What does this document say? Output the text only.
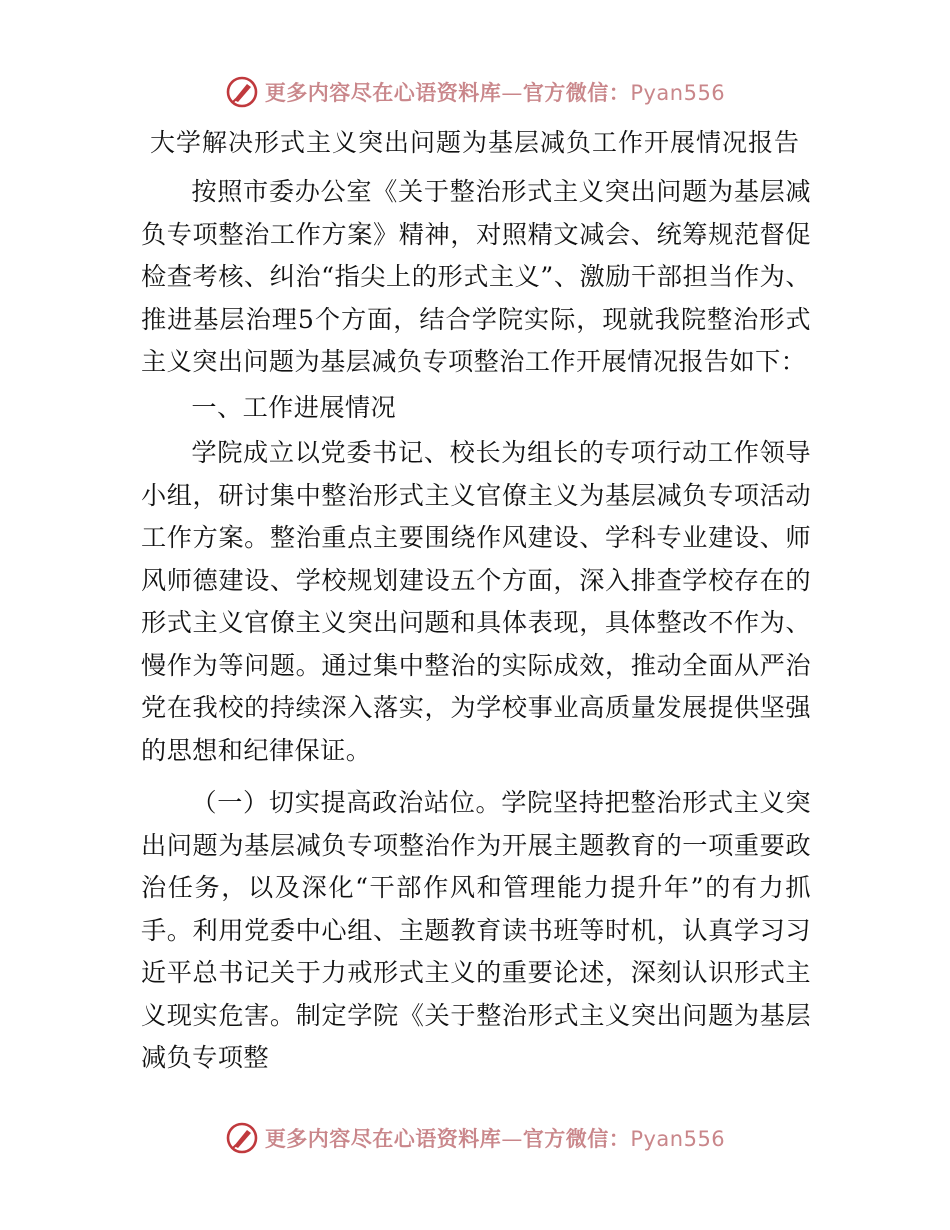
更多内容尽在心语资料库—官方微信：Pyan556
大学解决形式主义突出问题为基层减负工作开展情况报告

按照市委办公室《关于整治形式主义突出问题为基层减负专项整治工作方案》精神，对照精文减会、统筹规范督促检查考核、纠治“指尖上的形式主义”、激励干部担当作为、推进基层治理5个方面，结合学院实际，现就我院整治形式主义突出问题为基层减负专项整治工作开展情况报告如下：

一、工作进展情况

学院成立以党委书记、校长为组长的专项行动工作领导小组，研讨集中整治形式主义官僚主义为基层减负专项活动工作方案。整治重点主要围绕作风建设、学科专业建设、师风师德建设、学校规划建设五个方面，深入排查学校存在的形式主义官僚主义突出问题和具体表现，具体整改不作为、慢作为等问题。通过集中整治的实际成效，推动全面从严治党在我校的持续深入落实，为学校事业高质量发展提供坚强的思想和纪律保证。

（一）切实提高政治站位。学院坚持把整治形式主义突出问题为基层减负专项整治作为开展主题教育的一项重要政治任务，以及深化“干部作风和管理能力提升年”的有力抓手。利用党委中心组、主题教育读书班等时机，认真学习习近平总书记关于力戒形式主义的重要论述，深刻认识形式主义现实危害。制定学院《关于整治形式主义突出问题为基层减负专项整

更多内容尽在心语资料库—官方微信：Pyan556
